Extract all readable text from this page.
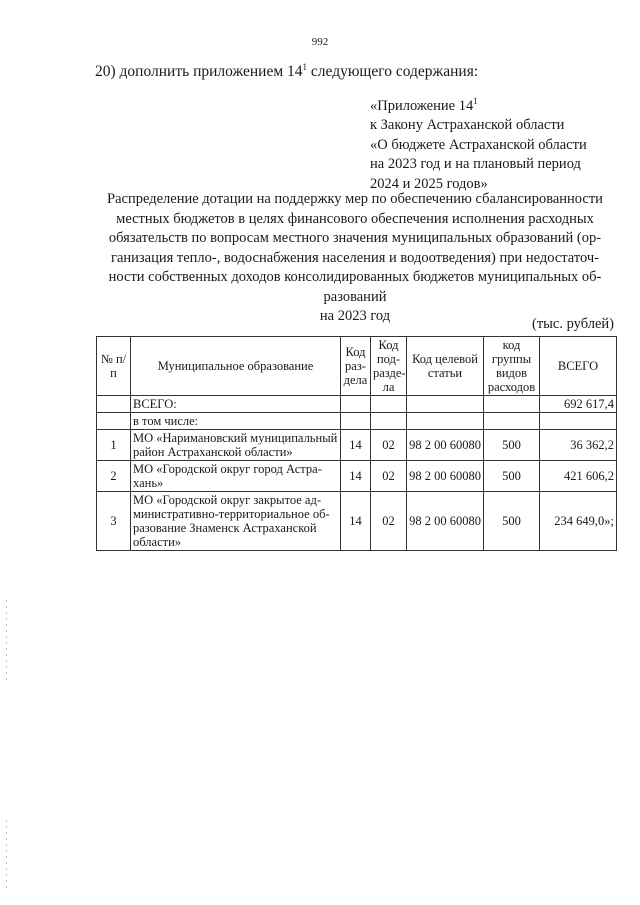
992
20) дополнить приложением $14^1$ следующего содержания:
«Приложение $14^1$
к Закону Астраханской области
«О бюджете Астраханской области
на 2023 год и на плановый период
2024 и 2025 годов»
Распределение дотации на поддержку мер по обеспечению сбалансированности
местных бюджетов в целях финансового обеспечения исполнения расходных
обязательств по вопросам местного значения муниципальных образований (ор-
ганизация тепло-, водоснабжения населения и водоотведения) при недостаточ-
ности собственных доходов консолидированных бюджетов муниципальных об-
разований
на 2023 год	(тыс. рублей)
№ п/п	Муниципальное образование	Код раз-дела	Код под-разде-ла	Код целевой статьи	код группы видов расходов	ВСЕГО
	ВСЕГО:					692 617,4
	в том числе:					
1	МО «Наримановский муниципальный район Астраханской области»	14	02	98 2 00 60080	500	36 362,2
2	МО «Городской округ город Астра-хань»	14	02	98 2 00 60080	500	421 606,2
3	МО «Городской округ закрытое ад-министративно-территориальное об-разование Знаменск Астраханской области»	14	02	98 2 00 60080	500	234 649,0»;
